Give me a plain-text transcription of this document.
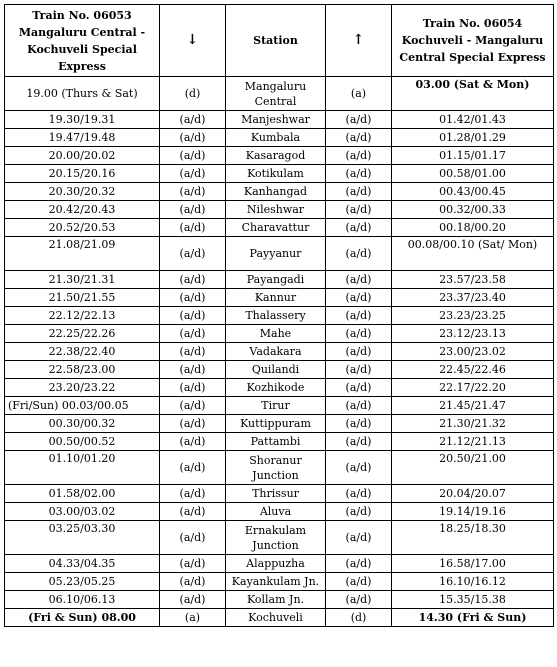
Train No. 06053 Mangaluru Central - Kochuveli Special Express	↓	Station	↑	Train No. 06054 Kochuveli - Mangaluru Central Special Express
19.00 (Thurs & Sat)	(d)	Mangaluru Central	(a)	03.00 (Sat & Mon)
19.30/19.31	(a/d)	Manjeshwar	(a/d)	01.42/01.43
19.47/19.48	(a/d)	Kumbala	(a/d)	01.28/01.29
20.00/20.02	(a/d)	Kasaragod	(a/d)	01.15/01.17
20.15/20.16	(a/d)	Kotikulam	(a/d)	00.58/01.00
20.30/20.32	(a/d)	Kanhangad	(a/d)	00.43/00.45
20.42/20.43	(a/d)	Nileshwar	(a/d)	00.32/00.33
20.52/20.53	(a/d)	Charavattur	(a/d)	00.18/00.20
21.08/21.09	(a/d)	Payyanur	(a/d)	00.08/00.10 (Sat/ Mon)
21.30/21.31	(a/d)	Payangadi	(a/d)	23.57/23.58
21.50/21.55	(a/d)	Kannur	(a/d)	23.37/23.40
22.12/22.13	(a/d)	Thalassery	(a/d)	23.23/23.25
22.25/22.26	(a/d)	Mahe	(a/d)	23.12/23.13
22.38/22.40	(a/d)	Vadakara	(a/d)	23.00/23.02
22.58/23.00	(a/d)	Quilandi	(a/d)	22.45/22.46
23.20/23.22	(a/d)	Kozhikode	(a/d)	22.17/22.20
(Fri/Sun) 00.03/00.05	(a/d)	Tirur	(a/d)	21.45/21.47
00.30/00.32	(a/d)	Kuttippuram	(a/d)	21.30/21.32
00.50/00.52	(a/d)	Pattambi	(a/d)	21.12/21.13
01.10/01.20	(a/d)	Shoranur Junction	(a/d)	20.50/21.00
01.58/02.00	(a/d)	Thrissur	(a/d)	20.04/20.07
03.00/03.02	(a/d)	Aluva	(a/d)	19.14/19.16
03.25/03.30	(a/d)	Ernakulam Junction	(a/d)	18.25/18.30
04.33/04.35	(a/d)	Alappuzha	(a/d)	16.58/17.00
05.23/05.25	(a/d)	Kayankulam Jn.	(a/d)	16.10/16.12
06.10/06.13	(a/d)	Kollam Jn.	(a/d)	15.35/15.38
(Fri & Sun) 08.00	(a)	Kochuveli	(d)	14.30 (Fri & Sun)
